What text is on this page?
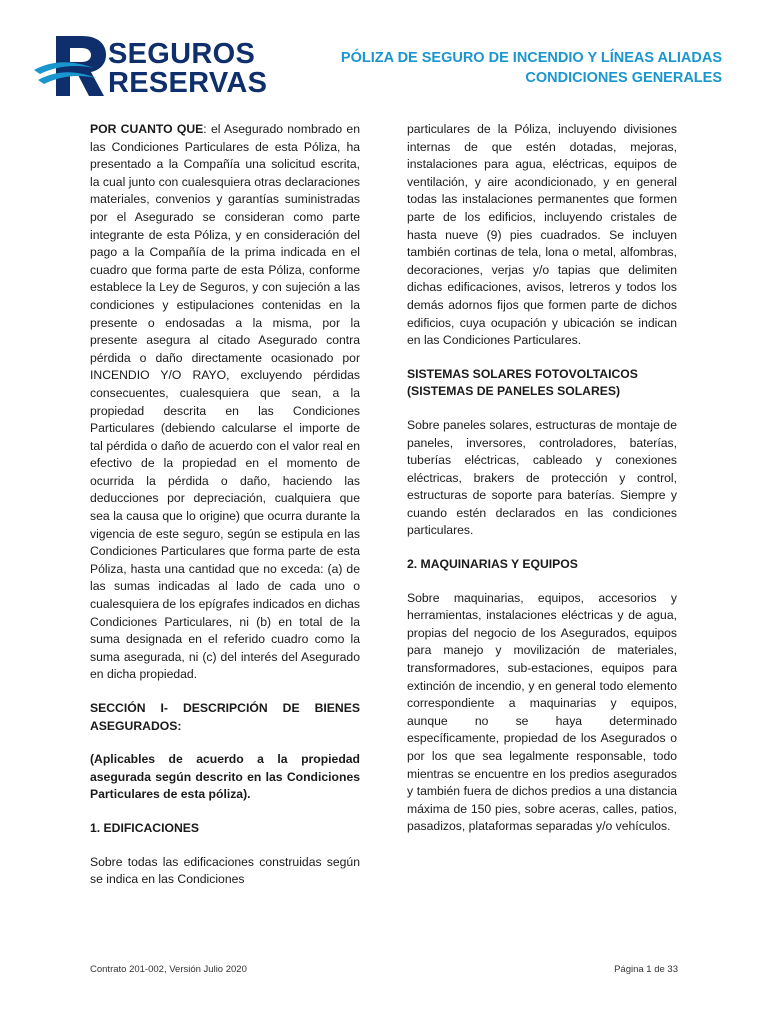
SEGUROS
RESERVAS
PÓLIZA DE SEGURO DE INCENDIO Y LÍNEAS ALIADAS
CONDICIONES GENERALES

POR CUANTO QUE: el Asegurado nombrado en las Condiciones Particulares de esta Póliza, ha presentado a la Compañía una solicitud escrita, la cual junto con cualesquiera otras declaraciones materiales, convenios y garantías suministradas por el Asegurado se consideran como parte integrante de esta Póliza, y en consideración del pago a la Compañía de la prima indicada en el cuadro que forma parte de esta Póliza, conforme establece la Ley de Seguros, y con sujeción a las condiciones y estipulaciones contenidas en la presente o endosadas a la misma, por la presente asegura al citado Asegurado contra pérdida o daño directamente ocasionado por INCENDIO Y/O RAYO, excluyendo pérdidas consecuentes, cualesquiera que sean, a la propiedad descrita en las Condiciones Particulares (debiendo calcularse el importe de tal pérdida o daño de acuerdo con el valor real en efectivo de la propiedad en el momento de ocurrida la pérdida o daño, haciendo las deducciones por depreciación, cualquiera que sea la causa que lo origine) que ocurra durante la vigencia de este seguro, según se estipula en las Condiciones Particulares que forma parte de esta Póliza, hasta una cantidad que no exceda: (a) de las sumas indicadas al lado de cada uno o cualesquiera de los epígrafes indicados en dichas Condiciones Particulares, ni (b) en total de la suma designada en el referido cuadro como la suma asegurada, ni (c) del interés del Asegurado en dicha propiedad.

SECCIÓN I- DESCRIPCIÓN DE BIENES ASEGURADOS:

(Aplicables de acuerdo a la propiedad asegurada según descrito en las Condiciones Particulares de esta póliza).

1. EDIFICACIONES

Sobre todas las edificaciones construidas según se indica en las Condiciones

particulares de la Póliza, incluyendo divisiones internas de que estén dotadas, mejoras, instalaciones para agua, eléctricas, equipos de ventilación, y aire acondicionado, y en general todas las instalaciones permanentes que formen parte de los edificios, incluyendo cristales de hasta nueve (9) pies cuadrados. Se incluyen también cortinas de tela, lona o metal, alfombras, decoraciones, verjas y/o tapias que delimiten dichas edificaciones, avisos, letreros y todos los demás adornos fijos que formen parte de dichos edificios, cuya ocupación y ubicación se indican en las Condiciones Particulares.

SISTEMAS SOLARES FOTOVOLTAICOS
(SISTEMAS DE PANELES SOLARES)

Sobre paneles solares, estructuras de montaje de paneles, inversores, controladores, baterías, tuberías eléctricas, cableado y conexiones eléctricas, brakers de protección y control, estructuras de soporte para baterías. Siempre y cuando estén declarados en las condiciones particulares.

2. MAQUINARIAS Y EQUIPOS

Sobre maquinarias, equipos, accesorios y herramientas, instalaciones eléctricas y de agua, propias del negocio de los Asegurados, equipos para manejo y movilización de materiales, transformadores, sub-estaciones, equipos para extinción de incendio, y en general todo elemento correspondiente a maquinarias y equipos, aunque no se haya determinado específicamente, propiedad de los Asegurados o por los que sea legalmente responsable, todo mientras se encuentre en los predios asegurados y también fuera de dichos predios a una distancia máxima de 150 pies, sobre aceras, calles, patios, pasadizos, plataformas separadas y/o vehículos.

Contrato 201-002, Versión Julio 2020	Página 1 de 33
